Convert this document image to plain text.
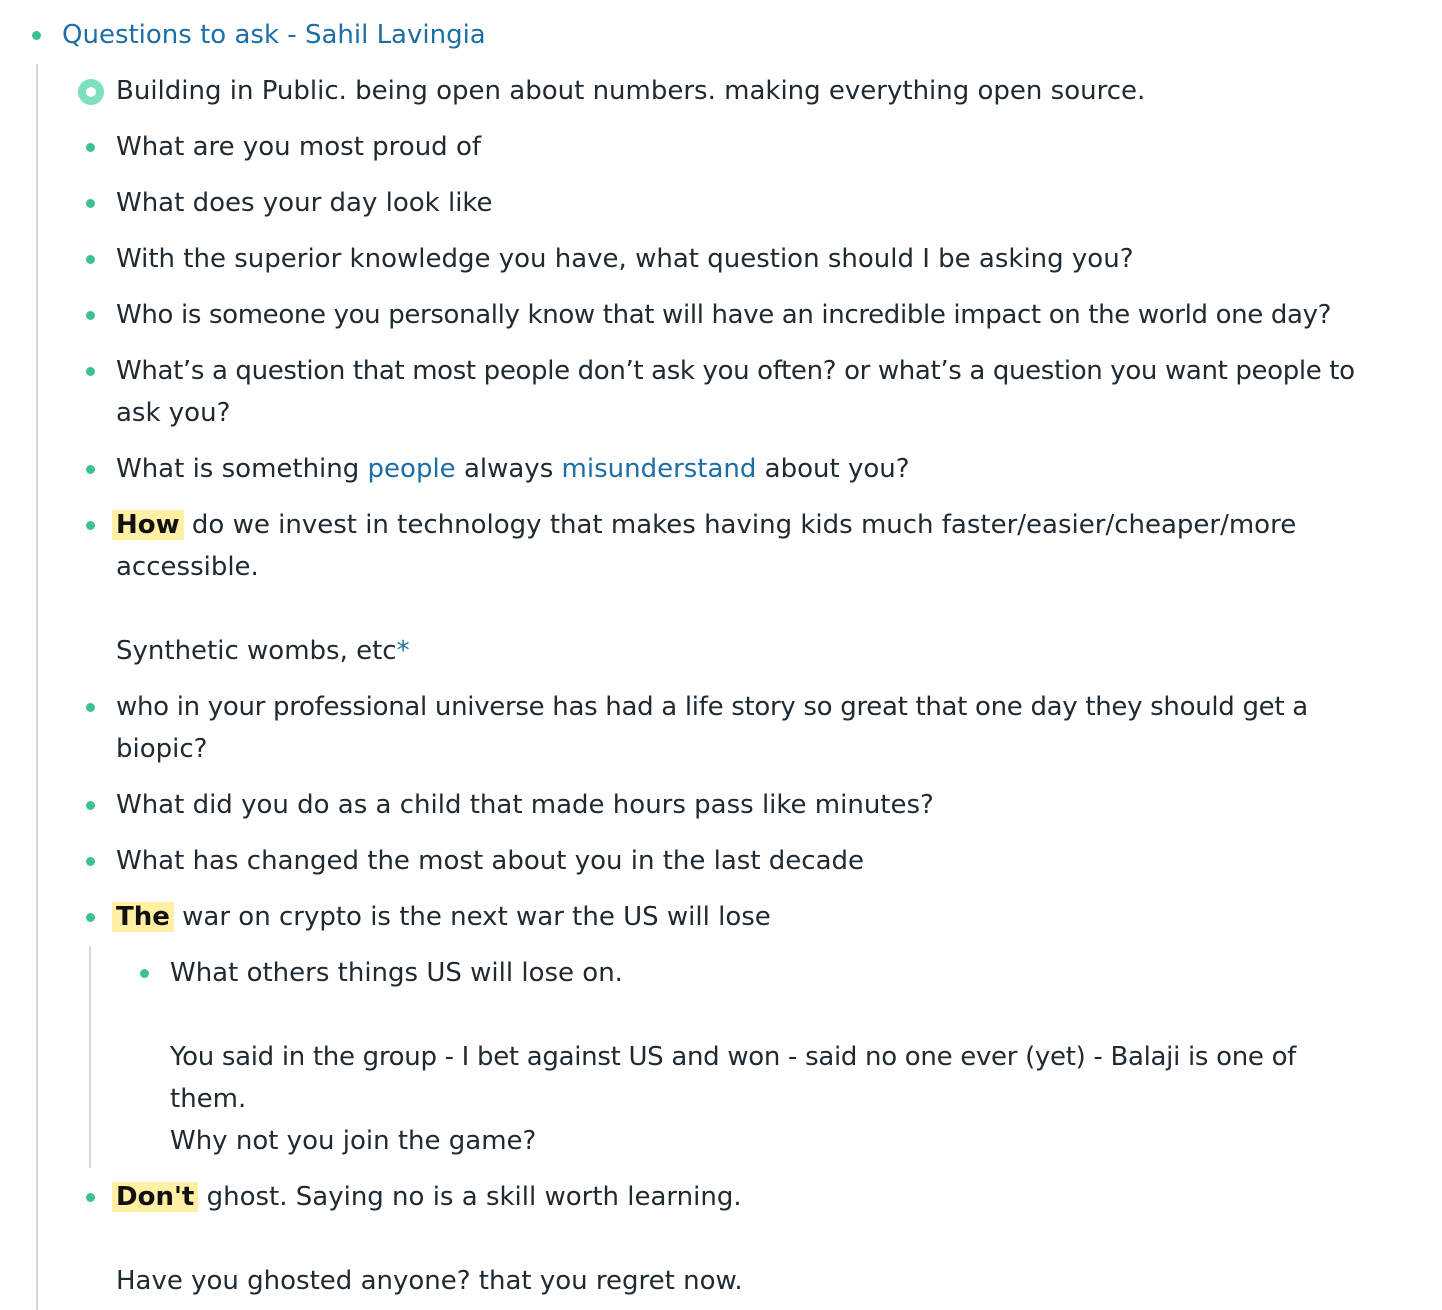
Questions to ask - Sahil Lavingia
Building in Public. being open about numbers. making everything open source.
What are you most proud of
What does your day look like
With the superior knowledge you have, what question should I be asking you?
Who is someone you personally know that will have an incredible impact on the world one day?
What’s a question that most people don’t ask you often? or what’s a question you want people to
ask you?
What is something people always misunderstand about you?
How do we invest in technology that makes having kids much faster/easier/cheaper/more
accessible.
Synthetic wombs, etc*
who in your professional universe has had a life story so great that one day they should get a
biopic?
What did you do as a child that made hours pass like minutes?
What has changed the most about you in the last decade
The war on crypto is the next war the US will lose
What others things US will lose on.
You said in the group - I bet against US and won - said no one ever (yet) - Balaji is one of
them.
Why not you join the game?
Don't ghost. Saying no is a skill worth learning.
Have you ghosted anyone? that you regret now.
